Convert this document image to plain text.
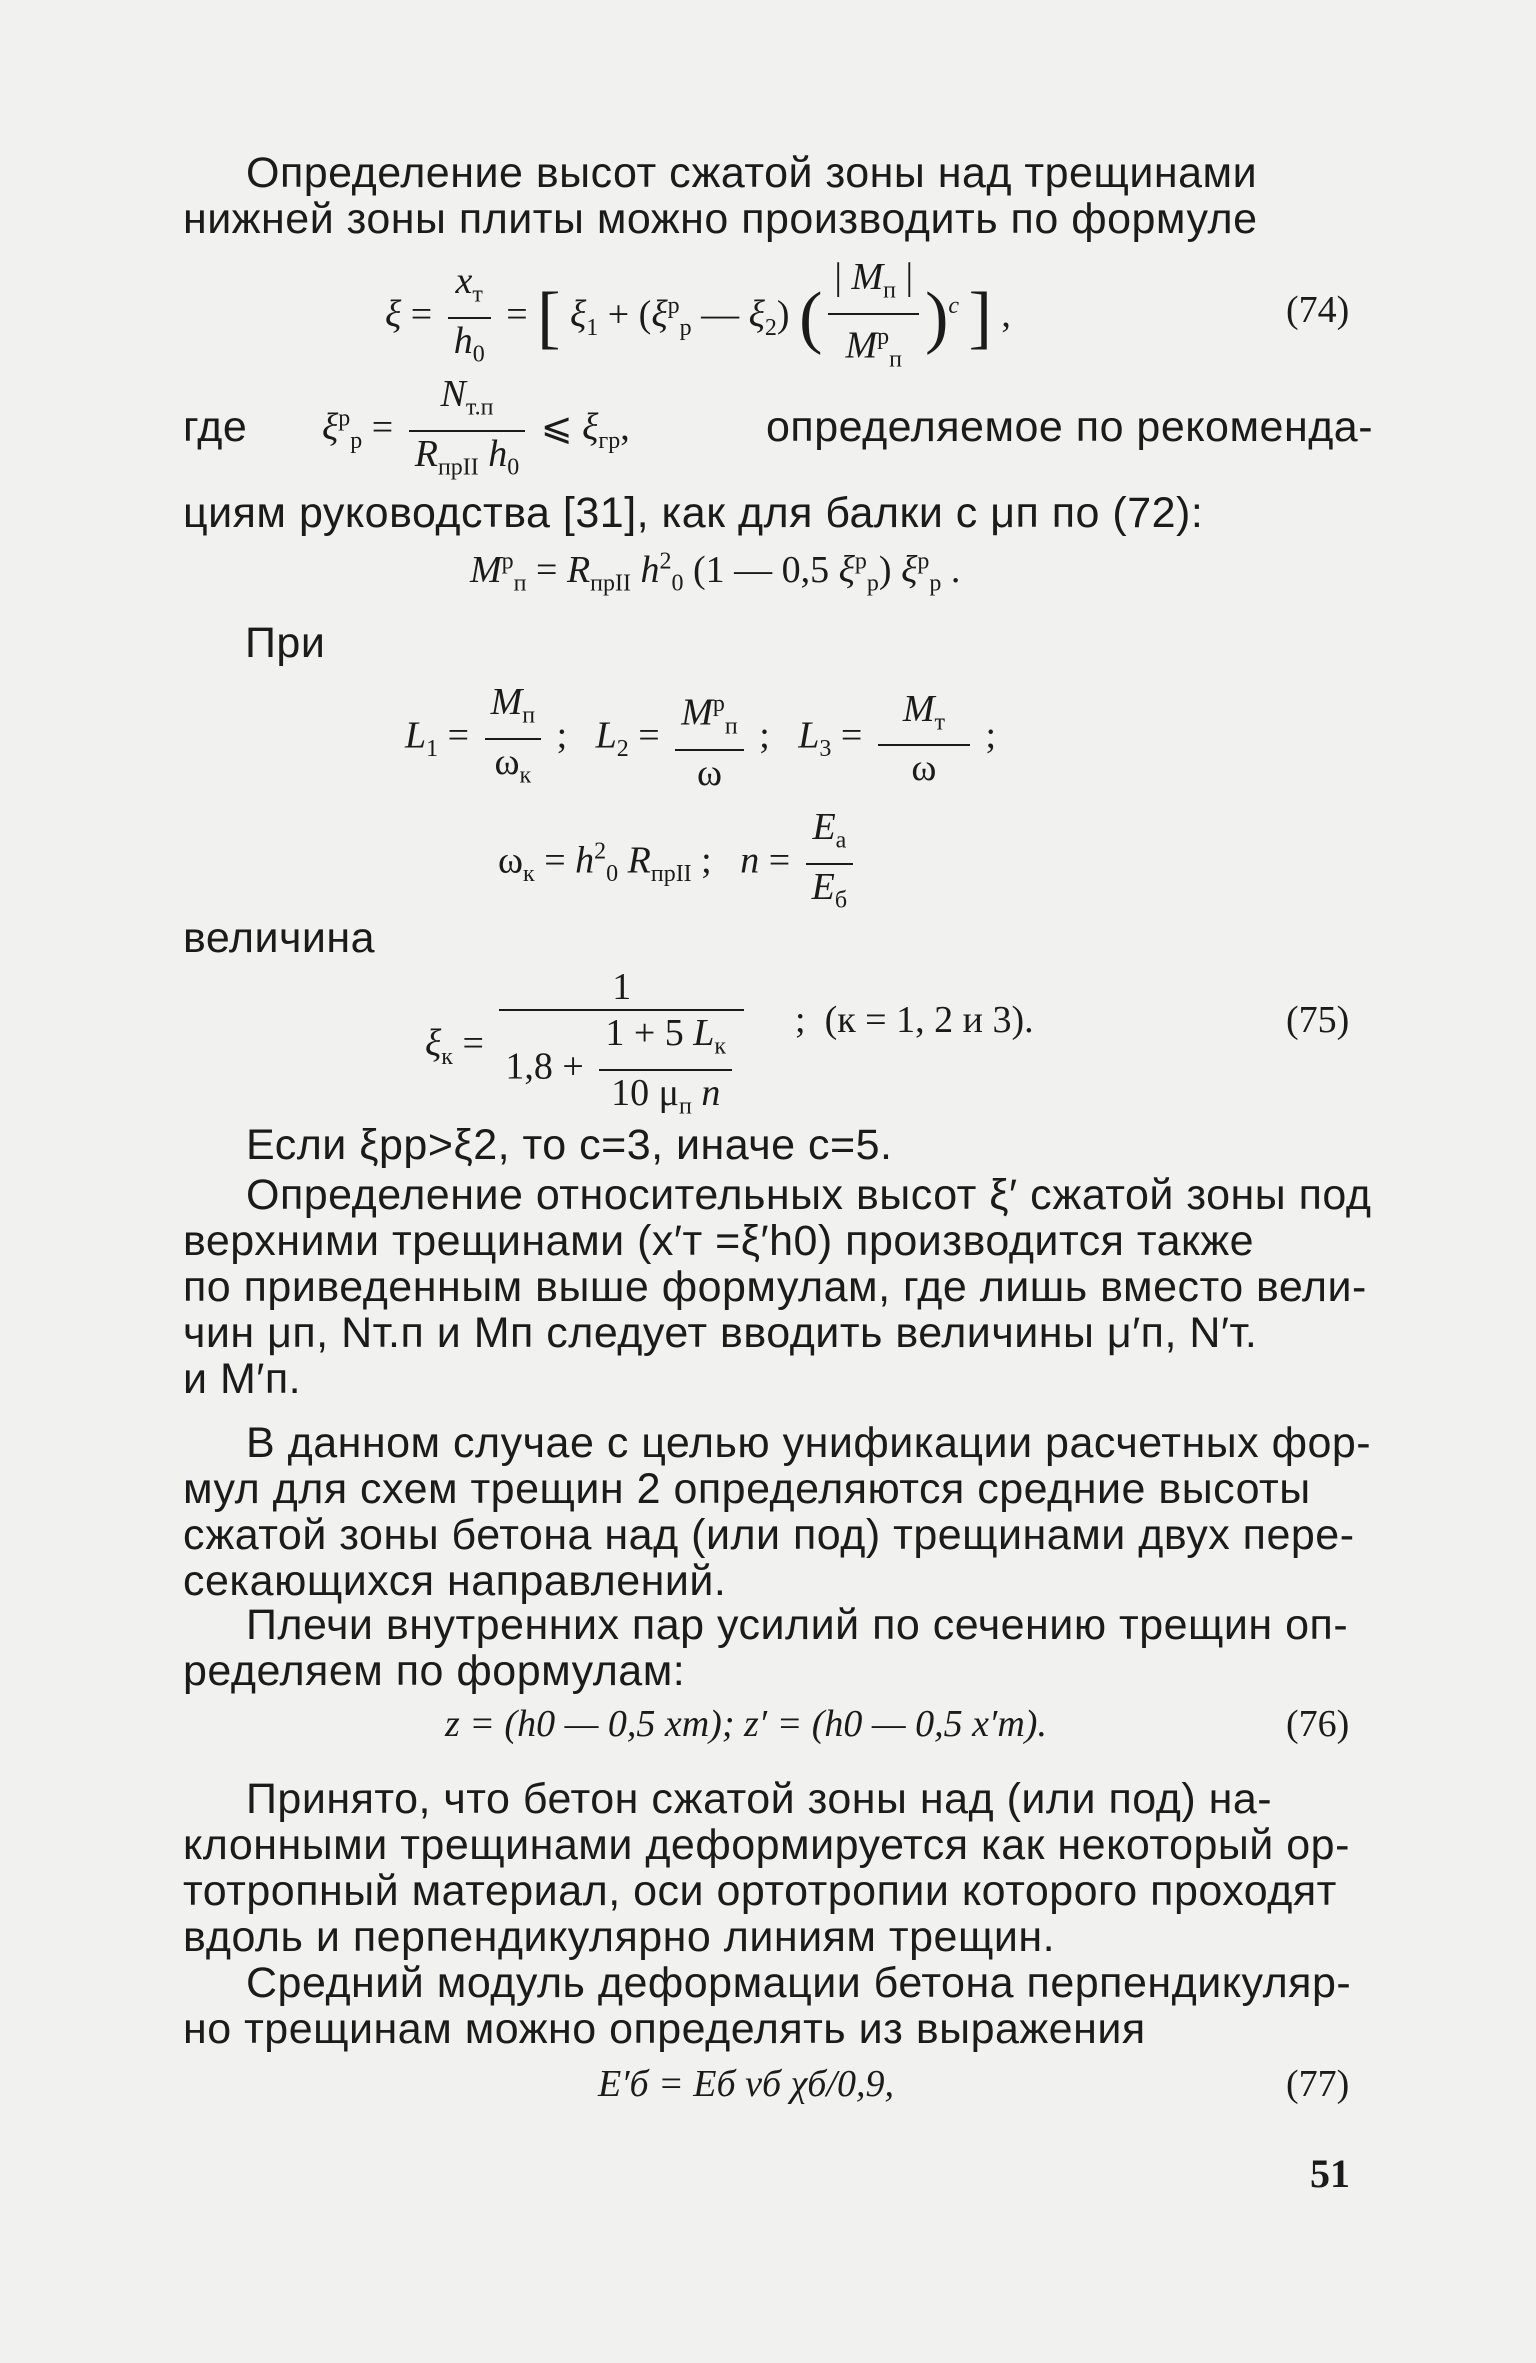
Определение высот сжатой зоны над трещинами
нижней зоны плиты можно производить по формуле
$\xi = \frac{x_т}{h_0}$ = [ $\xi_1 + (\xi^р_р$ — $\xi_2$) ( $\frac{| M_п |}{M^р_п} )^c$ ] ,	(74)
где $\xi^р_р = \frac{N_{т.п}}{R_{прII} h_0}$ ⩽ $\xi_{гр}$,	определяемое по рекоменда-
циям руководства [31], как для балки с μп по (72):
$M^р_п = R_{прII}$ $h^2_0$ (1 — 0,5 $\xi^р_р$) $\xi^р_р$ .
При
$L_1 = \frac{M_п}{\omega_к}$ ;   $L_2 = \frac{M^р_п}{\omega}$ ;   $L_3 = \frac{M_т}{\omega}$ ;
$\omega_к = h^2_0$ $R_{прII}$ ;   $n = \frac{E_а}{E_б}$
величина
$\xi_к = \frac{1}{1,8 + \frac{1 + 5 L_к}{10 \mu_п n}}$ ;  (к = 1, 2 и 3).	(75)
Если ξрр>ξ2, то c=3, иначе c=5.
Определение относительных высот ξ′ сжатой зоны под
верхними трещинами (x′т =ξ′h0) производится также
по приведенным выше формулам, где лишь вместо вели-
чин μп, Nт.п и Mп следует вводить величины μ′п, N′т.
и M′п.
В данном случае с целью унификации расчетных фор-
мул для схем трещин 2 определяются средние высоты
сжатой зоны бетона над (или под) трещинами двух пере-
секающихся направлений.
Плечи внутренних пар усилий по сечению трещин оп-
ределяем по формулам:
z = (h0 — 0,5 xт); z′ = (h0 — 0,5 x′т).	(76)
Принято, что бетон сжатой зоны над (или под) на-
клонными трещинами деформируется как некоторый ор-
тотропный материал, оси ортотропии которого проходят
вдоль и перпендикулярно линиям трещин.
Средний модуль деформации бетона перпендикуляр-
но трещинам можно определять из выражения
E′б = Eб νб χб/0,9,	(77)
51
